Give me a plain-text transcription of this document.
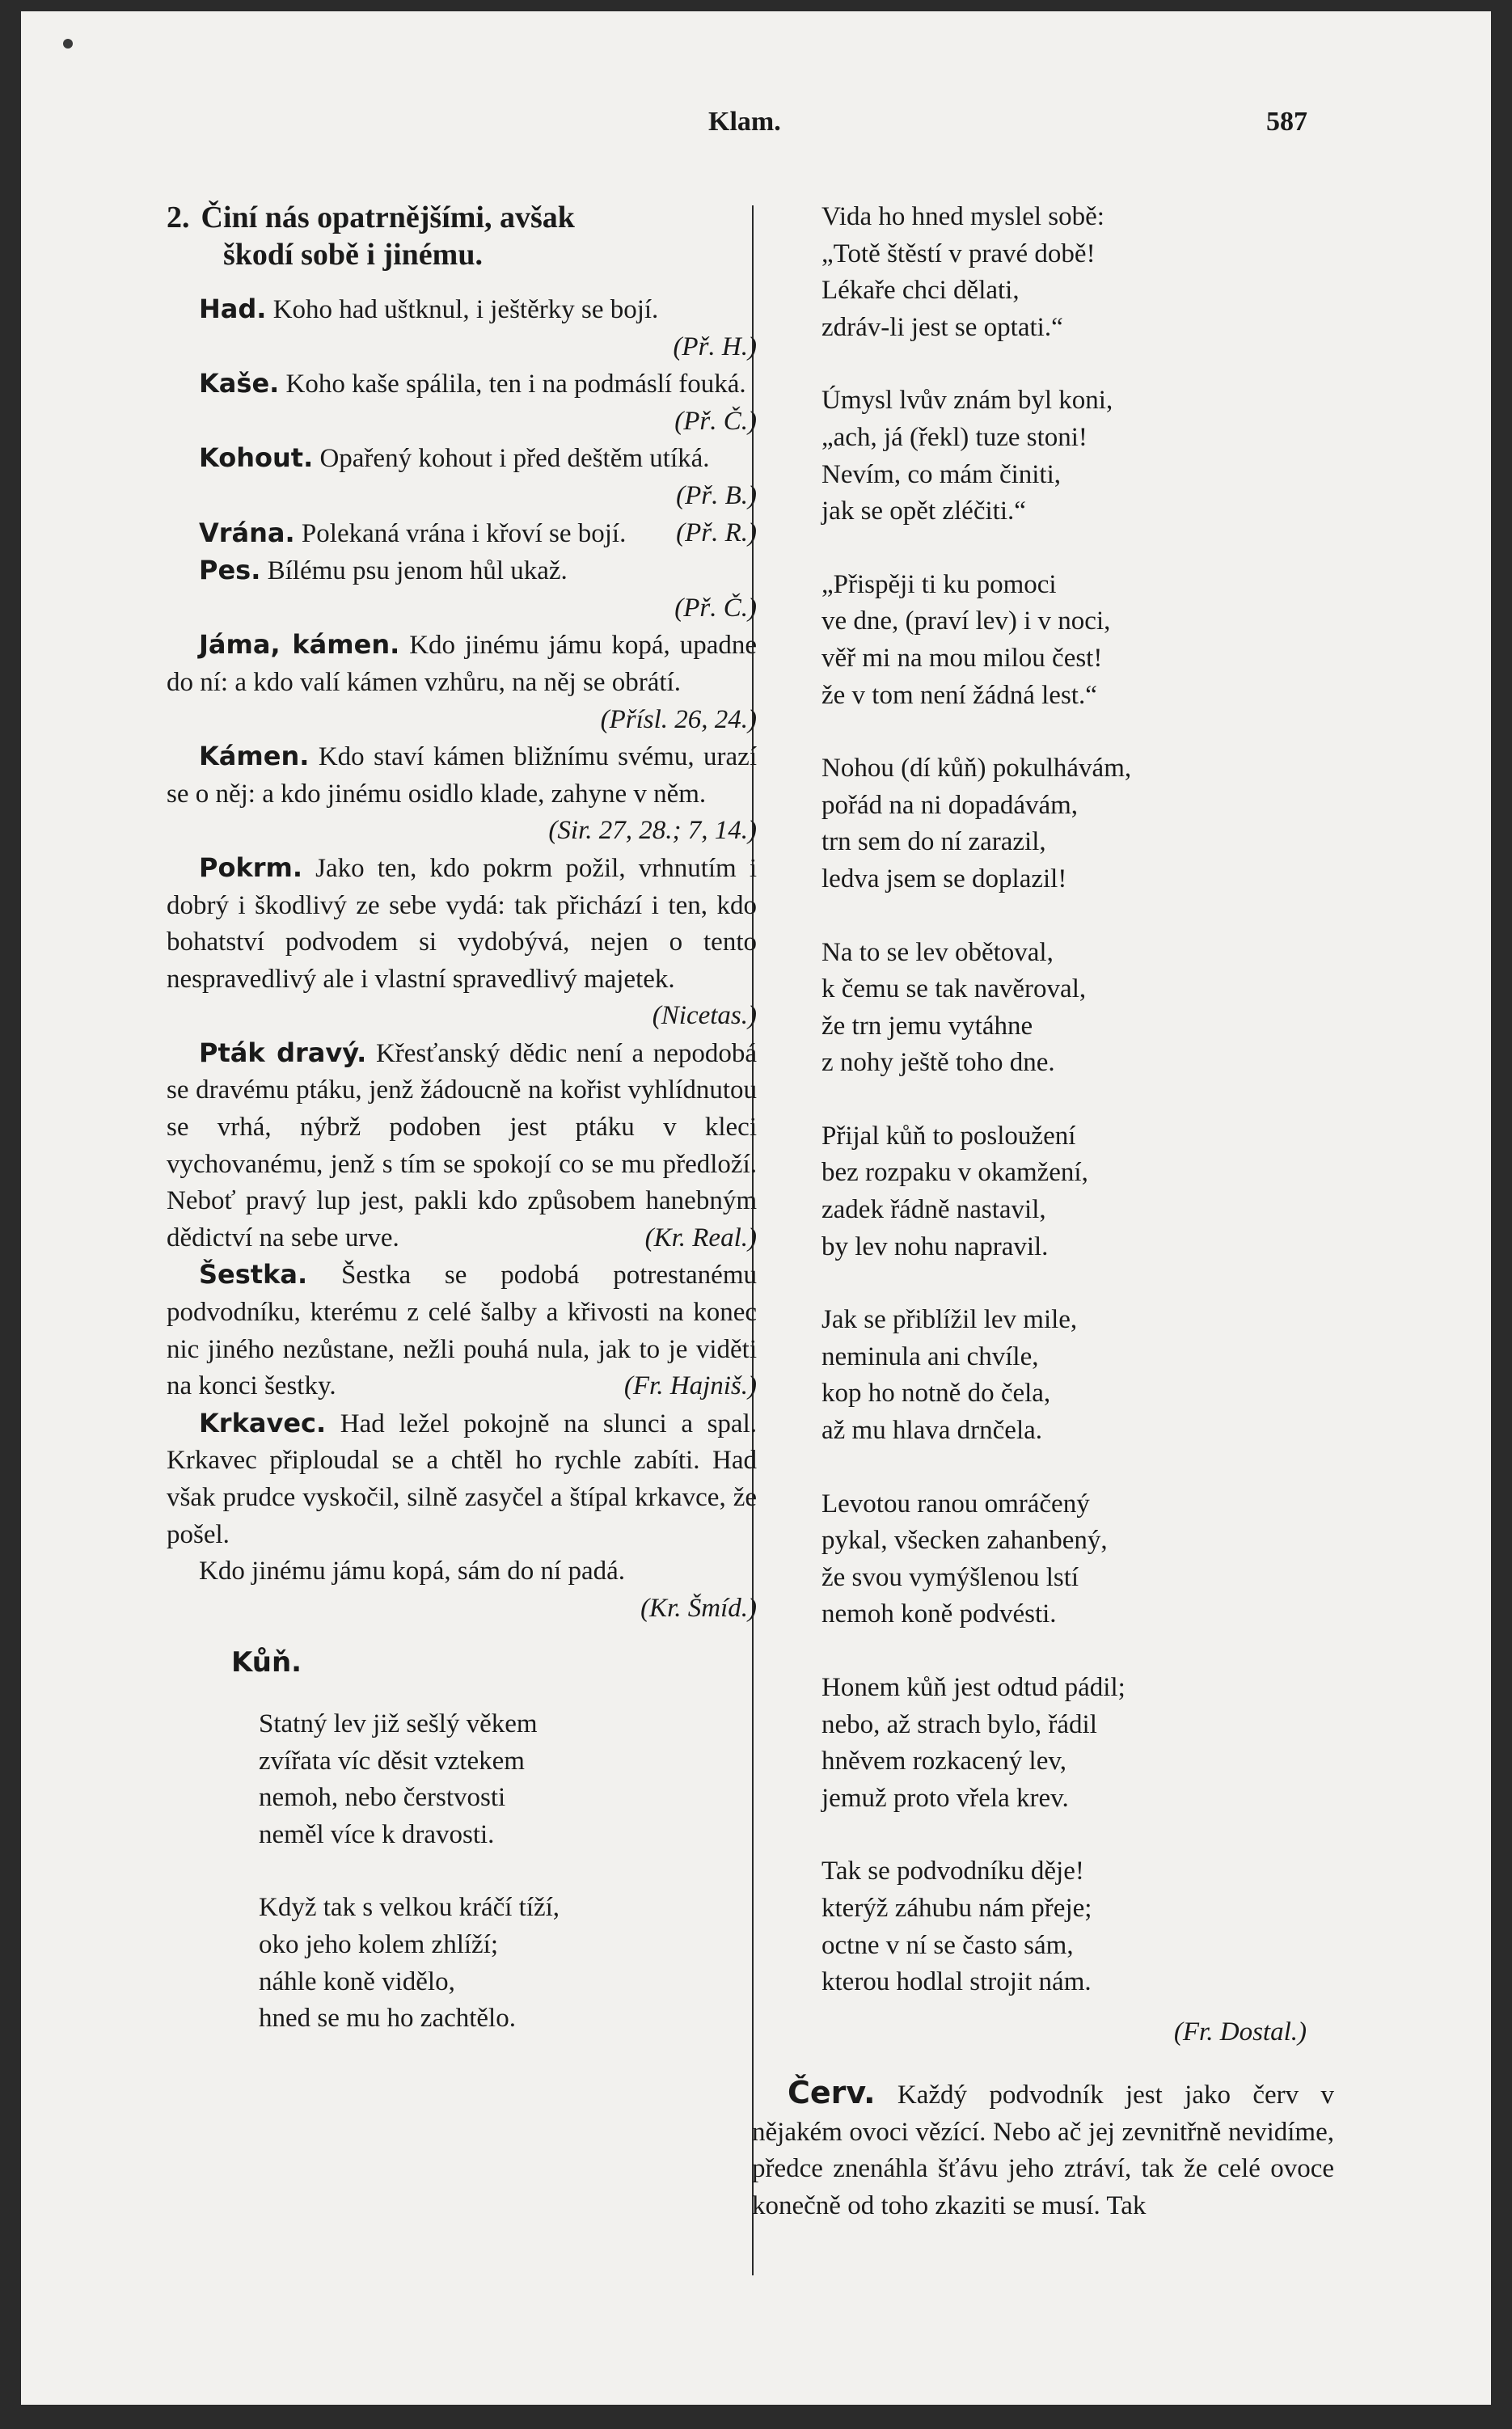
Klam.	587
2. Činí nás opatrnějšími, avšak
škodí sobě i jinému.

Had. Koho had uštknul, i ještěrky se bojí.
(Př. H.)

Kaše. Koho kaše spálila, ten i na podmáslí fouká.
(Př. Č.)

Kohout. Opařený kohout i před deštěm utíká.
(Př. B.)

Vrána. Polekaná vrána i křoví se bojí.	(Př. R.)

Pes. Bílému psu jenom hůl ukaž.

(Př. Č.)

Jáma, kámen. Kdo jinému jámu kopá, upadne do ní: a kdo valí kámen vzhůru, na něj se obrátí.
(Přísl. 26, 24.)

Kámen. Kdo staví kámen bližnímu svému, urazí se o něj: a kdo jinému osidlo klade, zahyne v něm.

(Sir. 27, 28.; 7, 14.)

Pokrm. Jako ten, kdo pokrm požil, vrhnutím i dobrý i škodlivý ze sebe vydá: tak přichází i ten, kdo bohatství podvodem si vydobývá, nejen o tento nespravedlivý ale i vlastní spravedlivý majetek.
(Nicetas.)

Pták dravý. Křesťanský dědic není a nepodobá se dravému ptáku, jenž žádoucně na kořist vyhlídnutou se vrhá, nýbrž podoben jest ptáku v kleci vychovanému, jenž s tím se spokojí co se mu předloží. Neboť pravý lup jest, pakli kdo způsobem hanebným dědictví na sebe urve.	(Kr. Real.)

Šestka. Šestka se podobá potrestanému podvodníku, kterému z celé šalby a křivosti na konec nic jiného nezůstane, nežli pouhá nula, jak to je viděti na konci šestky.	(Fr. Hajniš.)

Krkavec. Had ležel pokojně na slunci a spal. Krkavec připloudal se a chtěl ho rychle zabíti. Had však prudce vyskočil, silně zasyčel a štípal krkavce, že pošel.

Kdo jinému jámu kopá, sám do ní padá.
(Kr. Šmíd.)

Kůň.
Statný lev již sešlý věkem
zvířata víc děsit vztekem
nemoh, nebo čerstvosti
neměl více k dravosti.
Když tak s velkou kráčí tíží,
oko jeho kolem zhlíží;
náhle koně vidělo,
hned se mu ho zachtělo.
Vida ho hned myslel sobě:
„Totě štěstí v pravé době!
Lékaře chci dělati,
zdráv-li jest se optati.“
Úmysl lvův znám byl koni,
„ach, já (řekl) tuze stoni!
Nevím, co mám činiti,
jak se opět zléčiti.“
„Přispěji ti ku pomoci
ve dne, (praví lev) i v noci,
věř mi na mou milou čest!
že v tom není žádná lest.“
Nohou (dí kůň) pokulhávám,
pořád na ni dopadávám,
trn sem do ní zarazil,
ledva jsem se doplazil!
Na to se lev obětoval,
k čemu se tak navěroval,
že trn jemu vytáhne
z nohy ještě toho dne.
Přijal kůň to posloužení
bez rozpaku v okamžení,
zadek řádně nastavil,
by lev nohu napravil.
Jak se přiblížil lev mile,
neminula ani chvíle,
kop ho notně do čela,
až mu hlava drnčela.
Levotou ranou omráčený
pykal, všecken zahanbený,
že svou vymýšlenou lstí
nemoh koně podvésti.
Honem kůň jest odtud pádil;
nebo, až strach bylo, řádil
hněvem rozkacený lev,
jemuž proto vřela krev.
Tak se podvodníku děje!
kterýž záhubu nám přeje;
octne v ní se často sám,
kterou hodlal strojit nám.

(Fr. Dostal.)

Červ. Každý podvodník jest jako červ v nějakém ovoci vězící. Nebo ač jej zevnitřně nevidíme, předce znenáhla šťávu jeho ztráví, tak že celé ovoce konečně od toho zkaziti se musí. Tak
